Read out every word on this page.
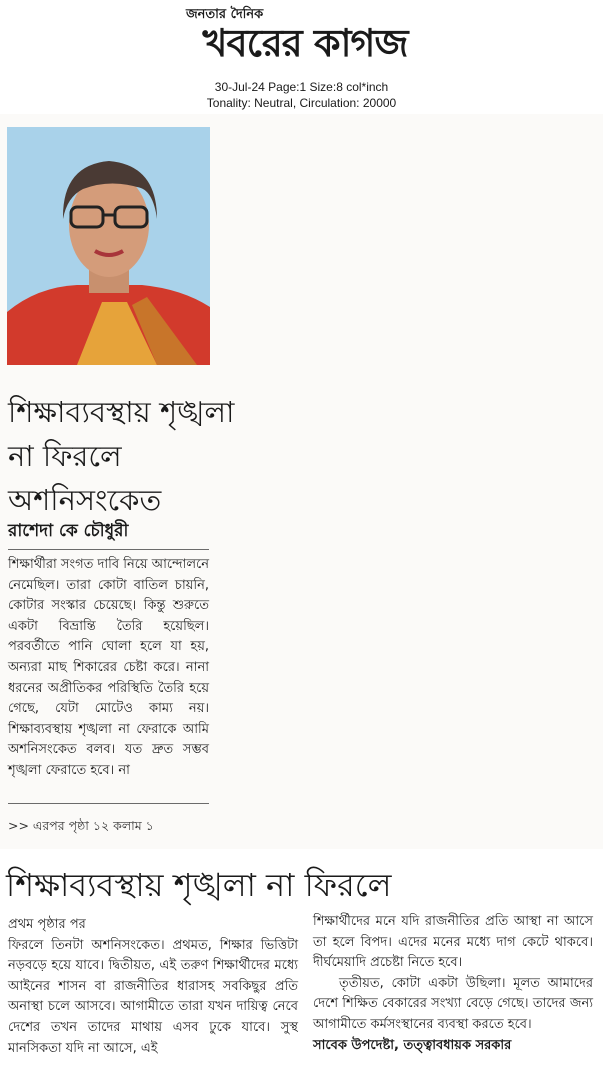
জনতার দৈনিক
খবরের কাগজ
30-Jul-24 Page:1 Size:8 col*inch
Tonality: Neutral, Circulation: 20000
শিক্ষাব্যবস্থায় শৃঙ্খলা না ফিরলে অশনিসংকেত
রাশেদা কে চৌধুরী
শিক্ষার্থীরা সংগত দাবি নিয়ে আন্দোলনে নেমেছিল। তারা কোটা বাতিল চায়নি, কোটার সংস্কার চেয়েছে। কিন্তু শুরুতে একটা বিভ্রান্তি তৈরি হয়েছিল। পরবর্তীতে পানি ঘোলা হলে যা হয়, অন্যরা মাছ শিকারের চেষ্টা করে। নানা ধরনের অপ্রীতিকর পরিস্থিতি তৈরি হয়ে গেছে, যেটা মোটেও কাম্য নয়। শিক্ষাব্যবস্থায় শৃঙ্খলা না ফেরাকে আমি অশনিসংকেত বলব। যত দ্রুত সম্ভব শৃঙ্খলা ফেরাতে হবে। না
>> এরপর পৃষ্ঠা ১২ কলাম ১
শিক্ষাব্যবস্থায় শৃঙ্খলা না ফিরলে

প্রথম পৃষ্ঠার পর

ফিরলে তিনটা অশনিসংকেত। প্রথমত, শিক্ষার ভিত্তিটা নড়বড়ে হয়ে যাবে। দ্বিতীয়ত, এই তরুণ শিক্ষার্থীদের মধ্যে আইনের শাসন বা রাজনীতির ধারাসহ সবকিছুর প্রতি অনাস্থা চলে আসবে। আগামীতে তারা যখন দায়িত্ব নেবে দেশের তখন তাদের মাথায় এসব ঢুকে যাবে। সুস্থ মানসিকতা যদি না আসে, এই

শিক্ষার্থীদের মনে যদি রাজনীতির প্রতি আস্থা না আসে তা হলে বিপদ। এদের মনের মধ্যে দাগ কেটে থাকবে। দীর্ঘমেয়াদি প্রচেষ্টা নিতে হবে।

তৃতীয়ত, কোটা একটা উছিলা। মূলত আমাদের দেশে শিক্ষিত বেকারের সংখ্যা বেড়ে গেছে। তাদের জন্য আগামীতে কর্মসংস্থানের ব্যবস্থা করতে হবে।

সাবেক উপদেষ্টা, তত্ত্বাবধায়ক সরকার
